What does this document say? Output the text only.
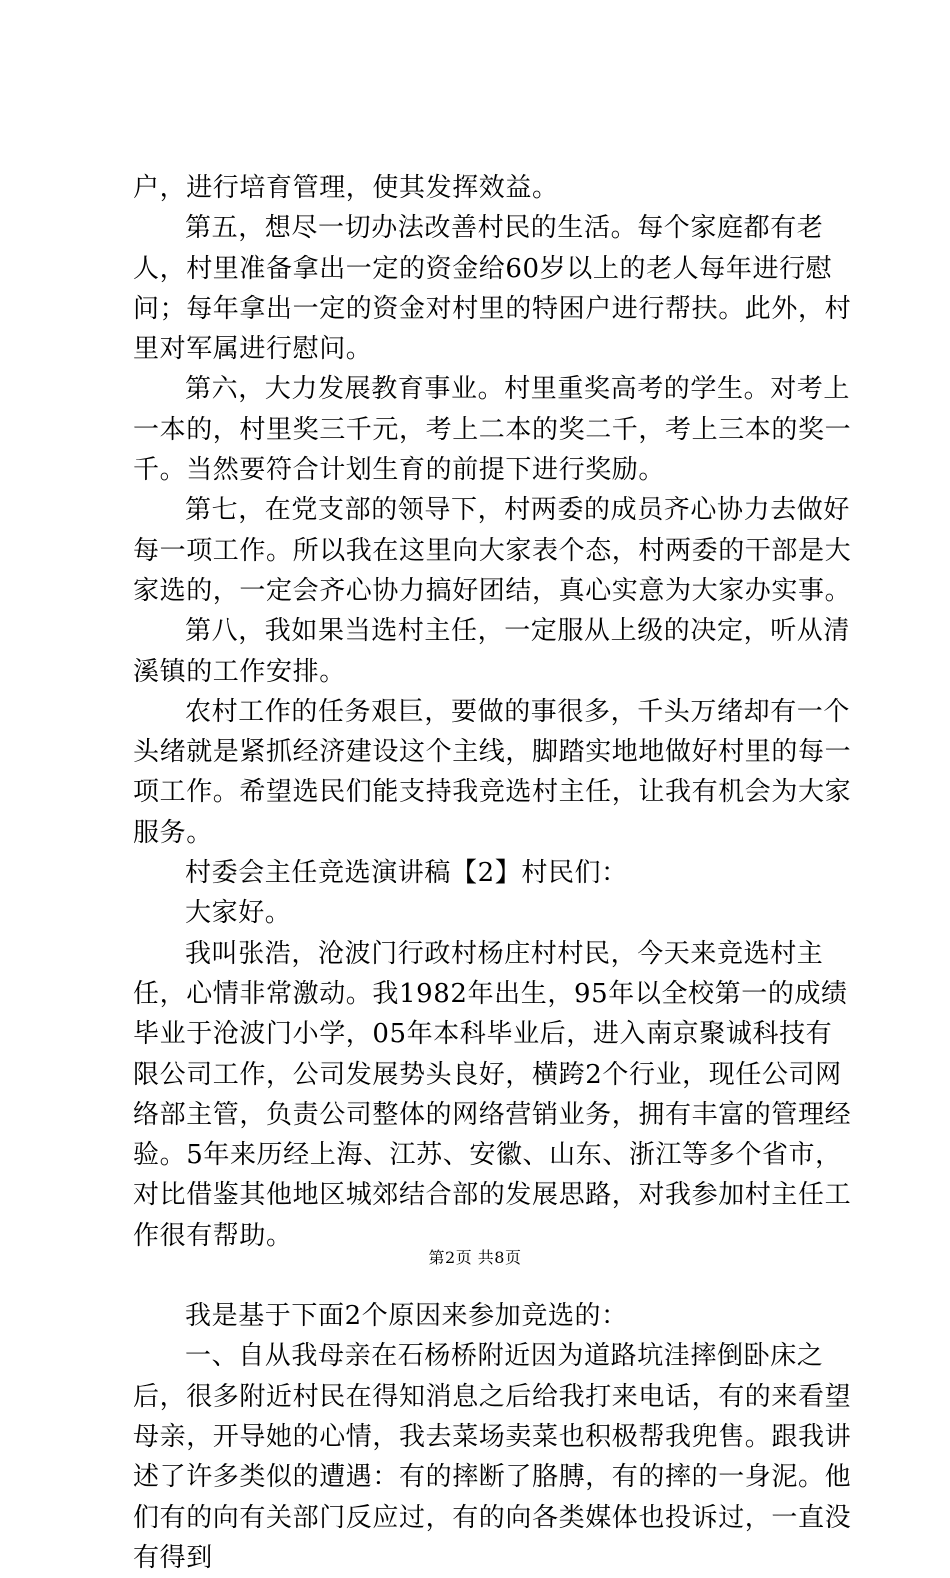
户，进行培育管理，使其发挥效益。

第五，想尽一切办法改善村民的生活。每个家庭都有老人，村里准备拿出一定的资金给60岁以上的老人每年进行慰问；每年拿出一定的资金对村里的特困户进行帮扶。此外，村里对军属进行慰问。

第六，大力发展教育事业。村里重奖高考的学生。对考上一本的，村里奖三千元，考上二本的奖二千，考上三本的奖一千。当然要符合计划生育的前提下进行奖励。

第七，在党支部的领导下，村两委的成员齐心协力去做好每一项工作。所以我在这里向大家表个态，村两委的干部是大家选的，一定会齐心协力搞好团结，真心实意为大家办实事。

第八，我如果当选村主任，一定服从上级的决定，听从清溪镇的工作安排。

农村工作的任务艰巨，要做的事很多，千头万绪却有一个头绪就是紧抓经济建设这个主线，脚踏实地地做好村里的每一项工作。希望选民们能支持我竞选村主任，让我有机会为大家服务。

村委会主任竞选演讲稿【2】村民们：

大家好。

我叫张浩，沧波门行政村杨庄村村民，今天来竞选村主任，心情非常激动。我1982年出生，95年以全校第一的成绩毕业于沧波门小学，05年本科毕业后，进入南京聚诚科技有限公司工作，公司发展势头良好，横跨2个行业，现任公司网络部主管，负责公司整体的网络营销业务，拥有丰富的管理经验。5年来历经上海、江苏、安徽、山东、浙江等多个省市，对比借鉴其他地区城郊结合部的发展思路，对我参加村主任工作很有帮助。

我是基于下面2个原因来参加竞选的：

一、自从我母亲在石杨桥附近因为道路坑洼摔倒卧床之后，很多附近村民在得知消息之后给我打来电话，有的来看望母亲，开导她的心情，我去菜场卖菜也积极帮我兜售。跟我讲述了许多类似的遭遇：有的摔断了胳膊，有的摔的一身泥。他们有的向有关部门反应过，有的向各类媒体也投诉过，一直没有得到

第2页 共8页
